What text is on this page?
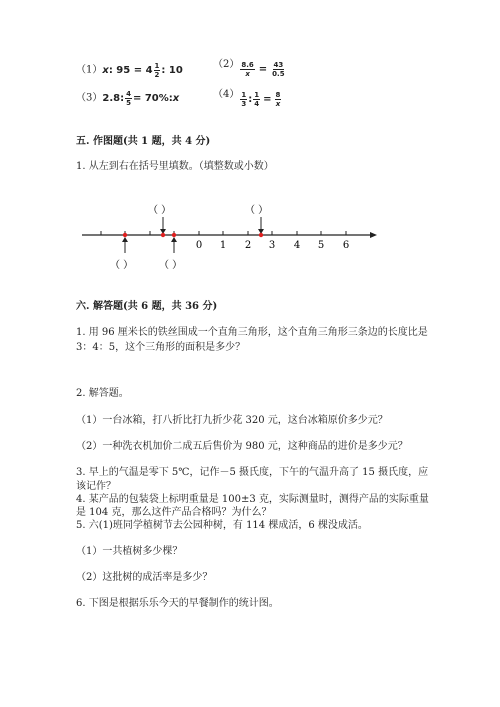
（1） x : $95 = 4 \frac{1}{2}$ : 10	$(2) \frac{8.6}{x} = \frac{43}{0.5}$
（3） 2.8: $\frac{4}{5} = 70\%$: x	$(4) \frac{1}{3}$ : $\frac{1}{4} = \frac{8}{x}$
五. 作图题(共 1 题，共 4 分)
1. 从左到右在括号里填数。（填整数或小数）
（ ）	（ ）
（ ）	（ ）
0 1 2 3 4 5 6
六. 解答题(共 6 题，共 36 分)
1. 用 96 厘米长的铁丝围成一个直角三角形，这个直角三角形三条边的长度比是
3：4：5，这个三角形的面积是多少？
2. 解答题。
（1）一台冰箱，打八折比打九折少花 320 元，这台冰箱原价多少元？
（2）一种洗衣机加价二成五后售价为 980 元，这种商品的进价是多少元？
3. 早上的气温是零下 5℃，记作－5 摄氏度，下午的气温升高了 15 摄氏度，应
该记作？
4. 某产品的包装袋上标明重量是 100±3 克，实际测量时，测得产品的实际重量
是 104 克，那么这件产品合格吗？为什么？
5. 六(1)班同学植树节去公园种树，有 114 棵成活，6 棵没成活。
（1）一共植树多少棵？
（2）这批树的成活率是多少？
6. 下图是根据乐乐今天的早餐制作的统计图。
